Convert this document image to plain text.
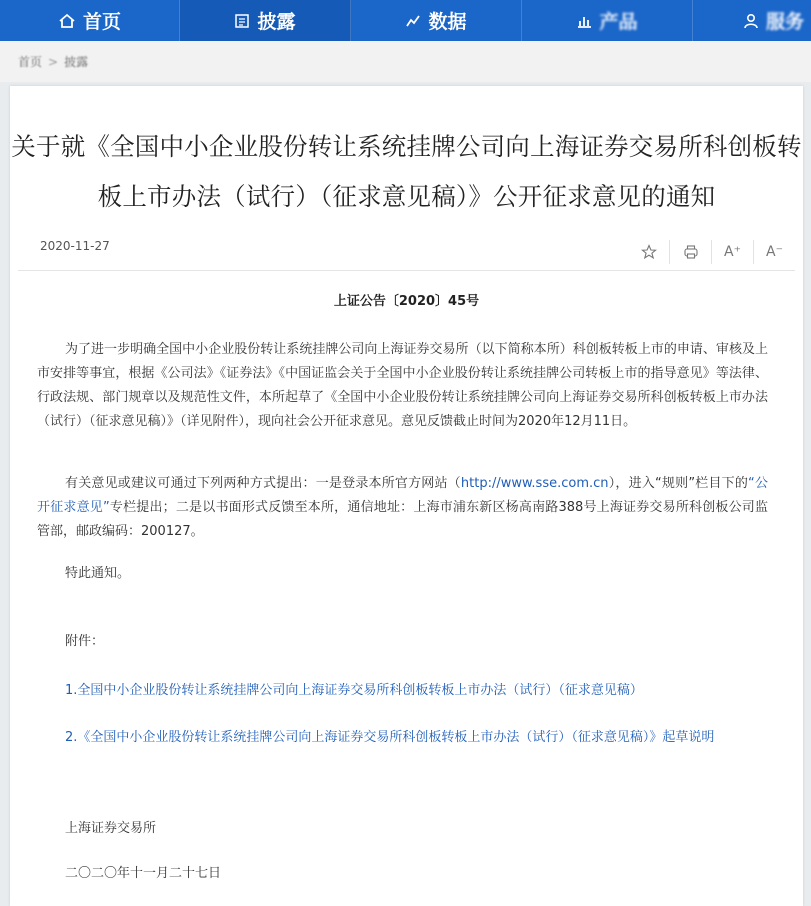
首页	披露	数据	产品	服务
首页 > 披露
关于就《全国中小企业股份转让系统挂牌公司向上海证券交易所科创板转
板上市办法（试行）（征求意见稿）》公开征求意见的通知
2020-11-27	A⁺	A⁻
上证公告〔2020〕45号
为了进一步明确全国中小企业股份转让系统挂牌公司向上海证券交易所（以下简称本所）科创板转板上市的申请、审核及上市安排等事宜，根据《公司法》《证券法》《中国证监会关于全国中小企业股份转让系统挂牌公司转板上市的指导意见》等法律、行政法规、部门规章以及规范性文件，本所起草了《全国中小企业股份转让系统挂牌公司向上海证券交易所科创板转板上市办法（试行）（征求意见稿）》（详见附件），现向社会公开征求意见。意见反馈截止时间为2020年12月11日。
有关意见或建议可通过下列两种方式提出：一是登录本所官方网站（http://www.sse.com.cn），进入“规则”栏目下的“公开征求意见”专栏提出；二是以书面形式反馈至本所，通信地址：上海市浦东新区杨高南路388号上海证券交易所科创板公司监管部，邮政编码：200127。
特此通知。
附件：
1.全国中小企业股份转让系统挂牌公司向上海证券交易所科创板转板上市办法（试行）（征求意见稿）
2.《全国中小企业股份转让系统挂牌公司向上海证券交易所科创板转板上市办法（试行）（征求意见稿）》起草说明
上海证券交易所
二〇二〇年十一月二十七日
